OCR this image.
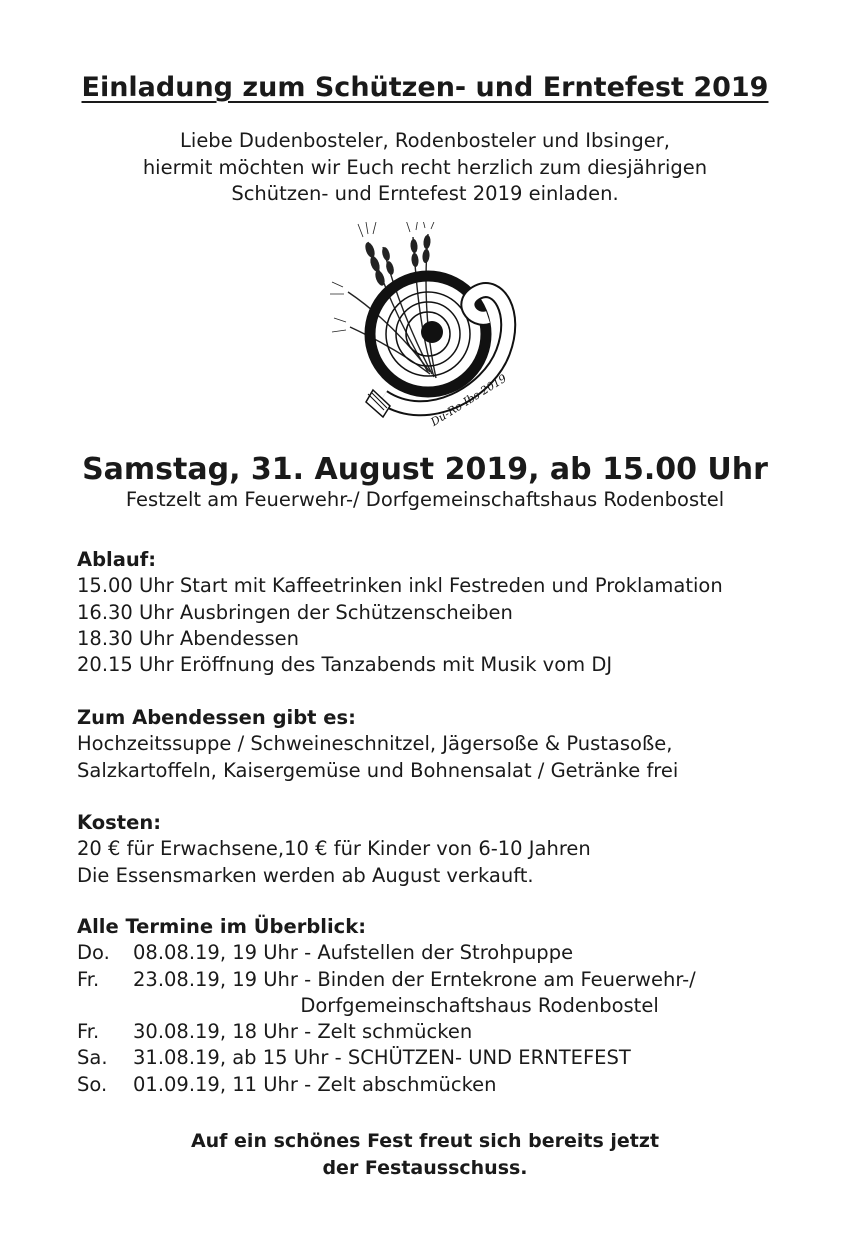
Einladung zum Schützen- und Erntefest 2019
Liebe Dudenbosteler, Rodenbosteler und Ibsinger,
hiermit möchten wir Euch recht herzlich zum diesjährigen
Schützen- und Erntefest 2019 einladen.
Du-Ro-Ibs 2019
Samstag, 31. August 2019, ab 15.00 Uhr
Festzelt am Feuerwehr-/ Dorfgemeinschaftshaus Rodenbostel
Ablauf:
15.00 Uhr Start mit Kaffeetrinken inkl Festreden und Proklamation
16.30 Uhr Ausbringen der Schützenscheiben
18.30 Uhr Abendessen
20.15 Uhr Eröffnung des Tanzabends mit Musik vom DJ
Zum Abendessen gibt es:
Hochzeitssuppe / Schweineschnitzel, Jägersoße & Pustasoße,
Salzkartoffeln, Kaisergemüse und Bohnensalat / Getränke frei
Kosten:
20 € für Erwachsene,10 € für Kinder von 6-10 Jahren
Die Essensmarken werden ab August verkauft.
Alle Termine im Überblick:
Do. 08.08.19, 19 Uhr - Aufstellen der Strohpuppe
Fr. 23.08.19, 19 Uhr - Binden der Erntekrone am Feuerwehr-/
Dorfgemeinschaftshaus Rodenbostel
Fr. 30.08.19, 18 Uhr - Zelt schmücken
Sa. 31.08.19, ab 15 Uhr - SCHÜTZEN- UND ERNTEFEST
So. 01.09.19, 11 Uhr - Zelt abschmücken
Auf ein schönes Fest freut sich bereits jetzt
der Festausschuss.
